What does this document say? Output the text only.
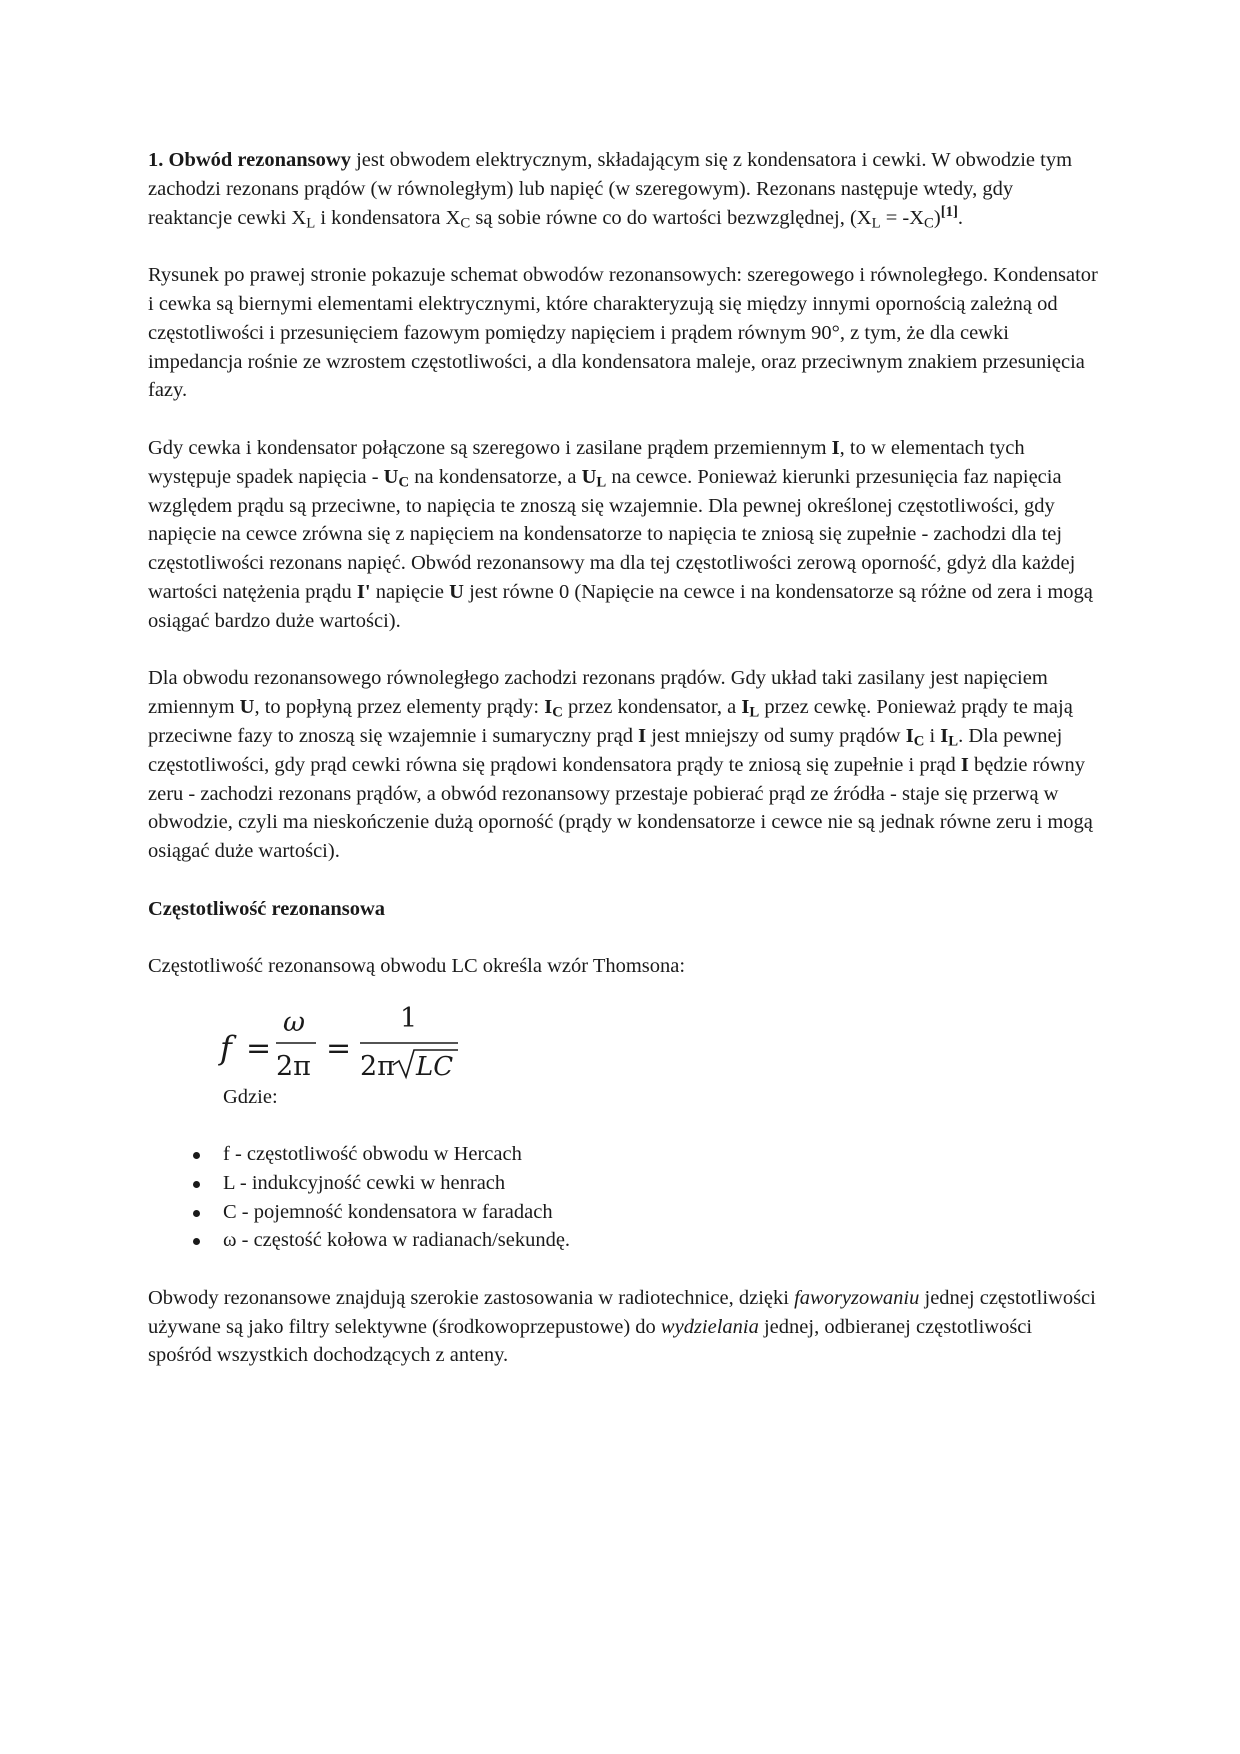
1. Obwód rezonansowy jest obwodem elektrycznym, składającym się z kondensatora i cewki. W obwodzie tym zachodzi rezonans prądów (w równoległym) lub napięć (w szeregowym). Rezonans następuje wtedy, gdy reaktancje cewki $X_L$ i kondensatora $X_C$ są sobie równe co do wartości bezwzględnej, $(X_L = -X_C)[1]$.

Rysunek po prawej stronie pokazuje schemat obwodów rezonansowych: szeregowego i równoległego. Kondensator i cewka są biernymi elementami elektrycznymi, które charakteryzują się między innymi opornością zależną od częstotliwości i przesunięciem fazowym pomiędzy napięciem i prądem równym 90°, z tym, że dla cewki impedancja rośnie ze wzrostem częstotliwości, a dla kondensatora maleje, oraz przeciwnym znakiem przesunięcia fazy.

Gdy cewka i kondensator połączone są szeregowo i zasilane prądem przemiennym I, to w elementach tych występuje spadek napięcia - $U_C$ na kondensatorze, a $U_L$ na cewce. Ponieważ kierunki przesunięcia faz napięcia względem prądu są przeciwne, to napięcia te znoszą się wzajemnie. Dla pewnej określonej częstotliwości, gdy napięcie na cewce zrówna się z napięciem na kondensatorze to napięcia te zniosą się zupełnie - zachodzi dla tej częstotliwości rezonans napięć. Obwód rezonansowy ma dla tej częstotliwości zerową oporność, gdyż dla każdej wartości natężenia prądu I' napięcie U jest równe 0 (Napięcie na cewce i na kondensatorze są różne od zera i mogą osiągać bardzo duże wartości).

Dla obwodu rezonansowego równoległego zachodzi rezonans prądów. Gdy układ taki zasilany jest napięciem zmiennym U, to popłyną przez elementy prądy: $I_C$ przez kondensator, a $I_L$ przez cewkę. Ponieważ prądy te mają przeciwne fazy to znoszą się wzajemnie i sumaryczny prąd I jest mniejszy od sumy prądów $I_C$ i $I_L$. Dla pewnej częstotliwości, gdy prąd cewki równa się prądowi kondensatora prądy te zniosą się zupełnie i prąd I będzie równy zeru - zachodzi rezonans prądów, a obwód rezonansowy przestaje pobierać prąd ze źródła - staje się przerwą w obwodzie, czyli ma nieskończenie dużą oporność (prądy w kondensatorze i cewce nie są jednak równe zeru i mogą osiągać duże wartości).

Częstotliwość rezonansowa

Częstotliwość rezonansową obwodu LC określa wzór Thomsona:

f =
ω
2π
=
1
2π LC
Gdzie:
f - częstotliwość obwodu w Hercach
L - indukcyjność cewki w henrach
C - pojemność kondensatora w faradach
ω - częstość kołowa w radianach/sekundę.

Obwody rezonansowe znajdują szerokie zastosowania w radiotechnice, dzięki faworyzowaniu jednej częstotliwości używane są jako filtry selektywne (środkowoprzepustowe) do wydzielania jednej, odbieranej częstotliwości spośród wszystkich dochodzących z anteny.
